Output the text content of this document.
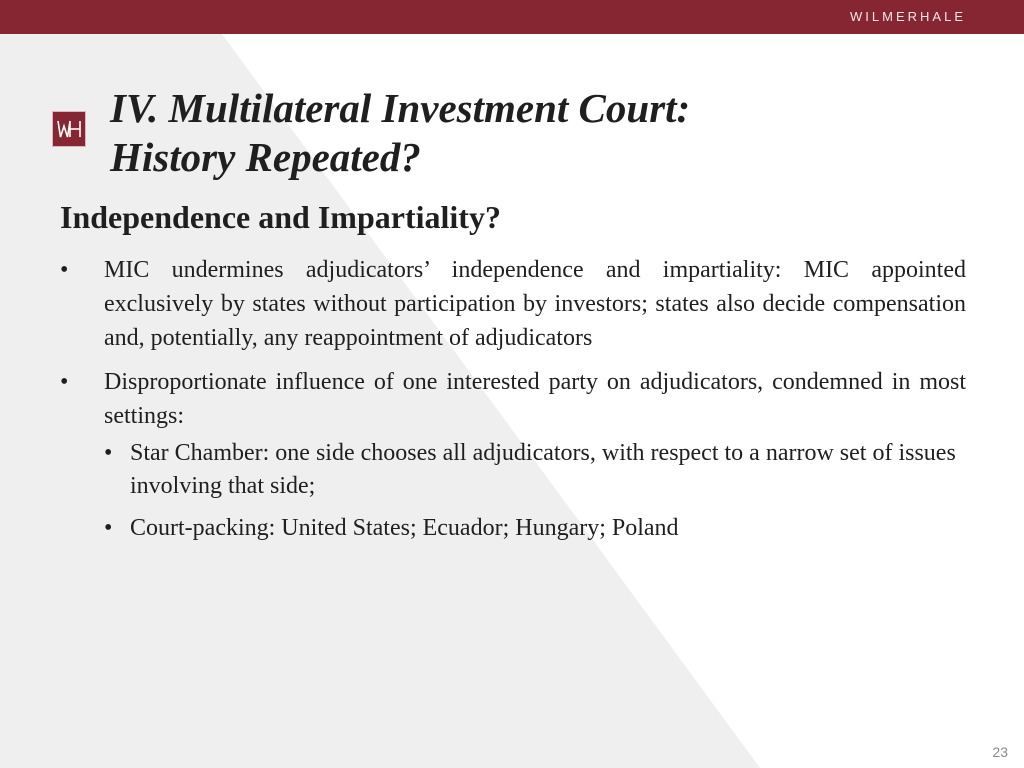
WILMERHALE
IV. Multilateral Investment Court:
History Repeated?
Independence and Impartiality?
•	MIC undermines adjudicators’ independence and impartiality: MIC appointed exclusively by states without participation by investors; states also decide compensation and, potentially, any reappointment of adjudicators
•	Disproportionate influence of one interested party on adjudicators, condemned in most settings:
• Star Chamber: one side chooses all adjudicators, with respect to a narrow set of issues involving that side;
• Court-packing: United States; Ecuador; Hungary; Poland
23
